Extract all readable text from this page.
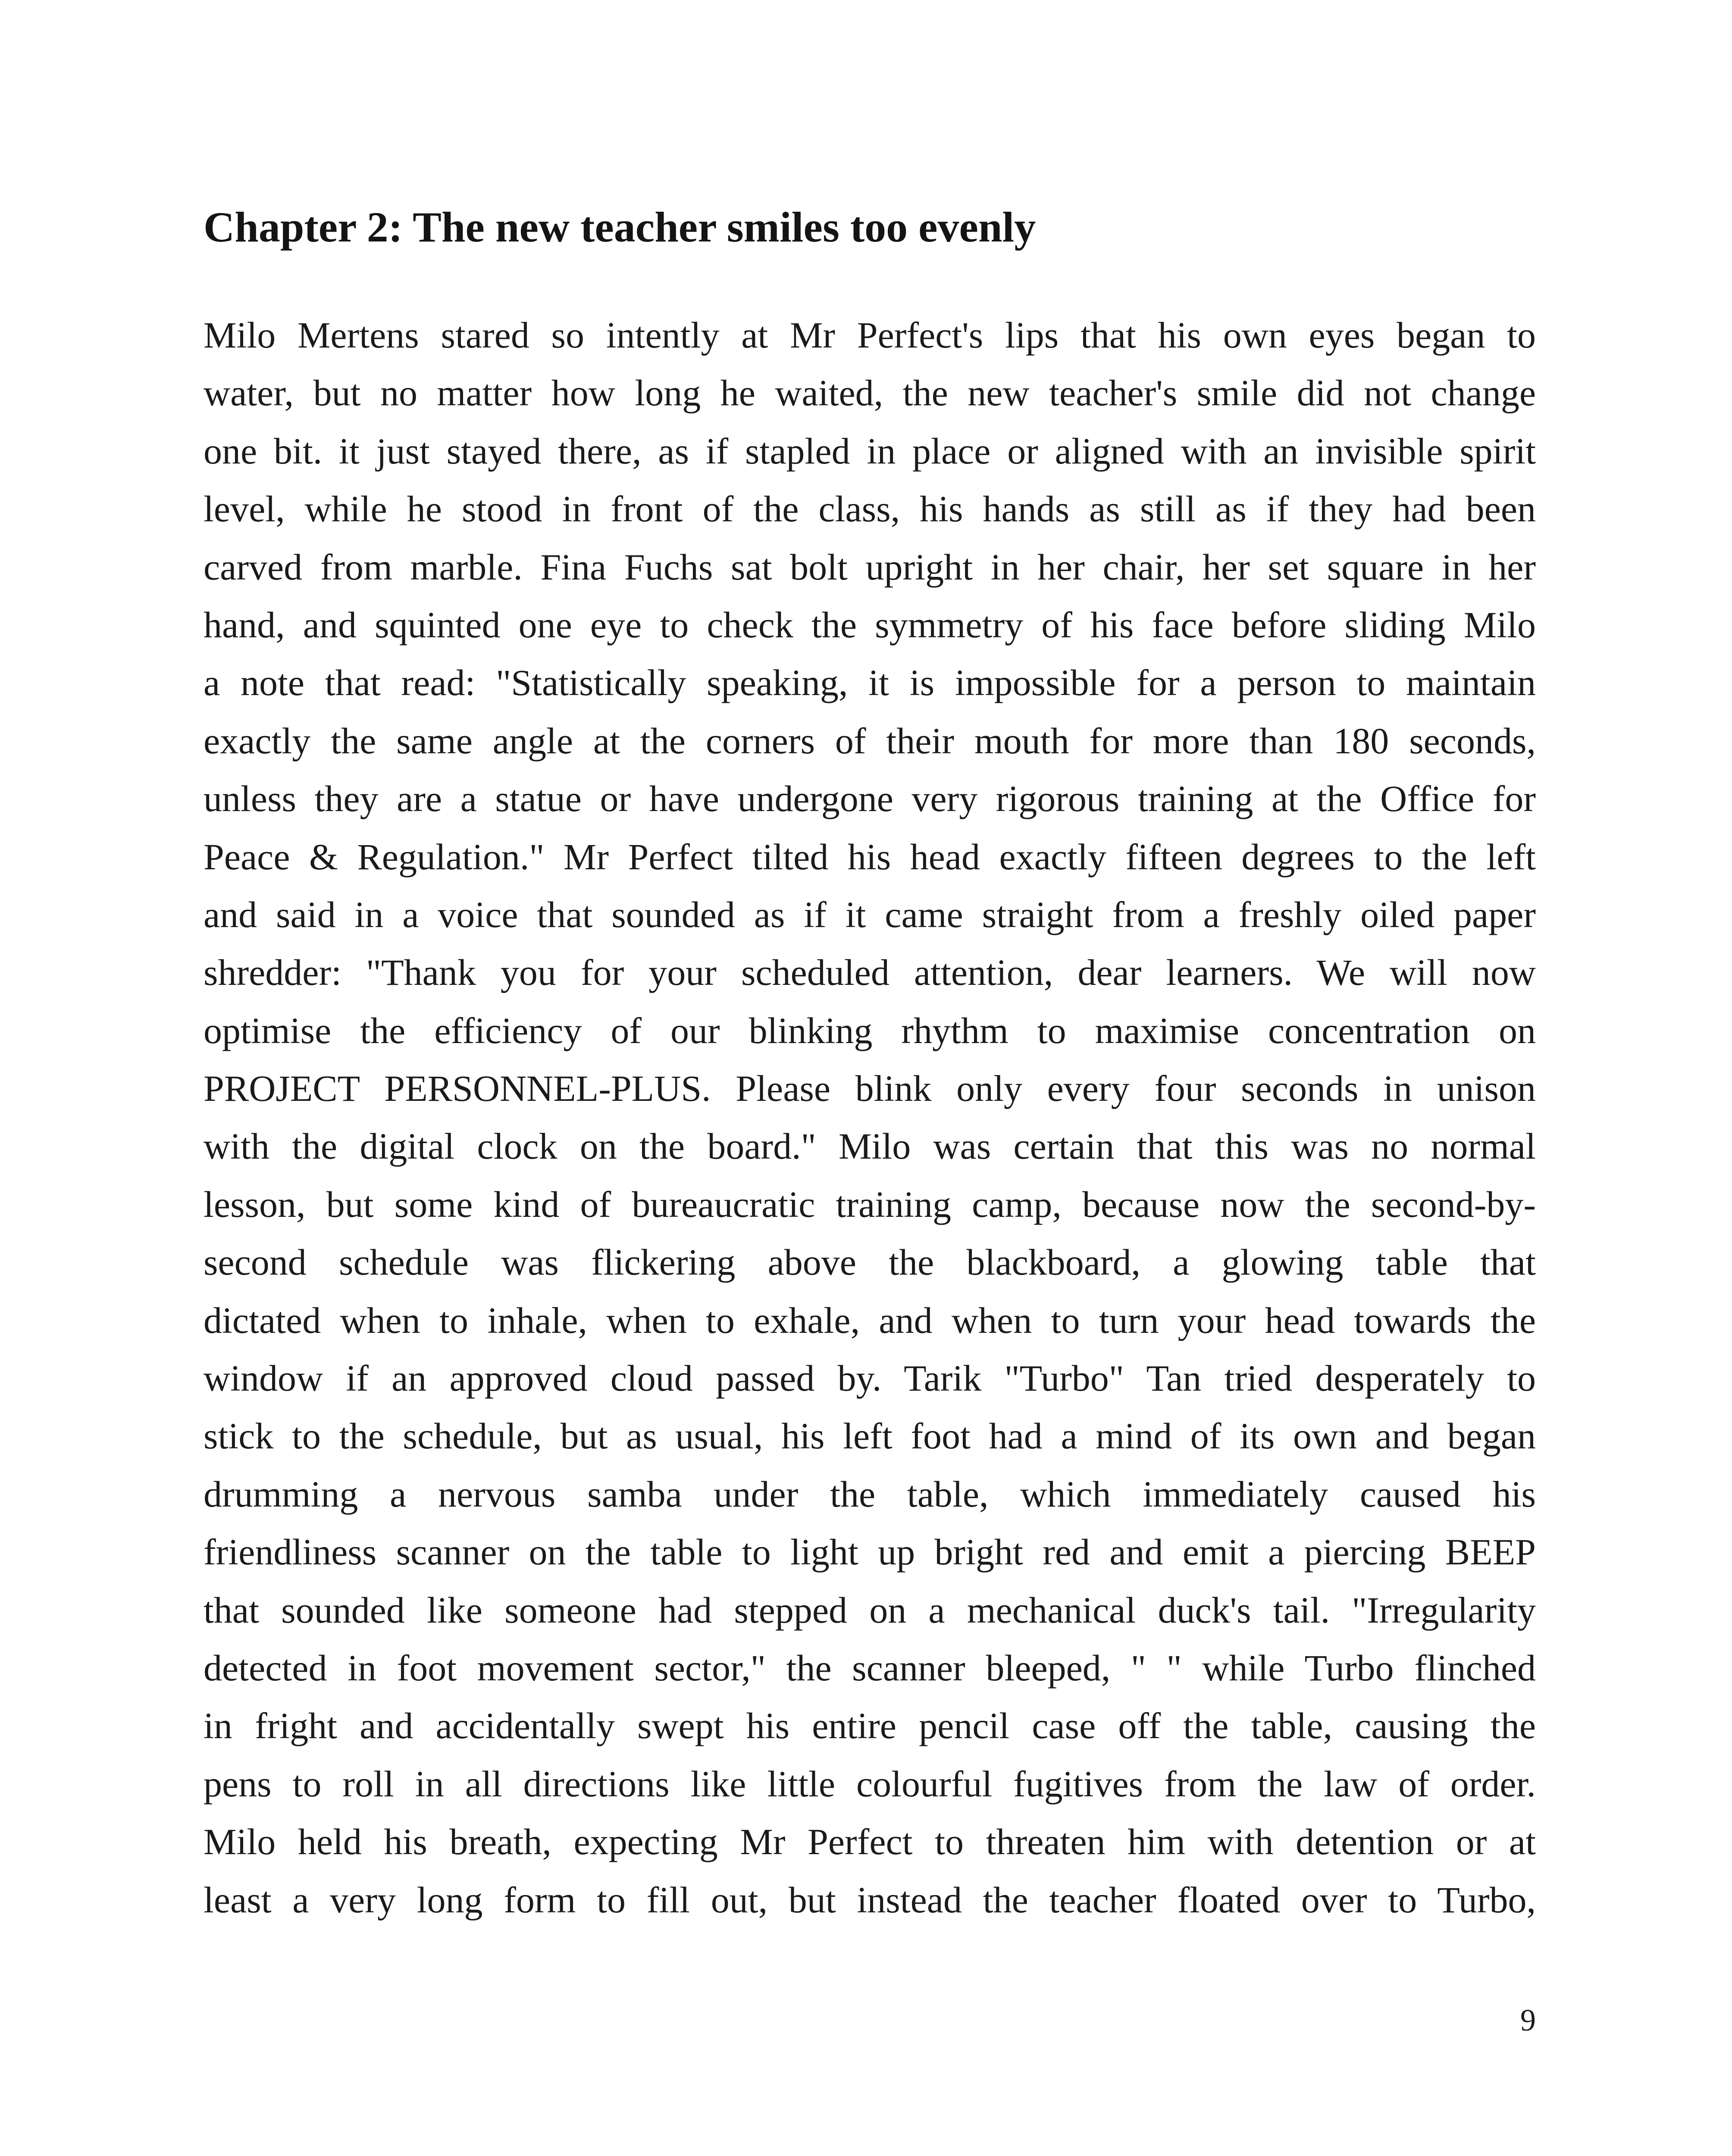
Chapter 2: The new teacher smiles too evenly
Milo Mertens stared so intently at Mr Perfect's lips that his own eyes began to
water, but no matter how long he waited, the new teacher's smile did not change
one bit. it just stayed there, as if stapled in place or aligned with an invisible spirit
level, while he stood in front of the class, his hands as still as if they had been
carved from marble. Fina Fuchs sat bolt upright in her chair, her set square in her
hand, and squinted one eye to check the symmetry of his face before sliding Milo
a note that read: "Statistically speaking, it is impossible for a person to maintain
exactly the same angle at the corners of their mouth for more than 180 seconds,
unless they are a statue or have undergone very rigorous training at the Office for
Peace & Regulation." Mr Perfect tilted his head exactly fifteen degrees to the left
and said in a voice that sounded as if it came straight from a freshly oiled paper
shredder: "Thank you for your scheduled attention, dear learners. We will now
optimise the efficiency of our blinking rhythm to maximise concentration on
PROJECT PERSONNEL-PLUS. Please blink only every four seconds in unison
with the digital clock on the board." Milo was certain that this was no normal
lesson, but some kind of bureaucratic training camp, because now the second-by-
second schedule was flickering above the blackboard, a glowing table that
dictated when to inhale, when to exhale, and when to turn your head towards the
window if an approved cloud passed by. Tarik "Turbo" Tan tried desperately to
stick to the schedule, but as usual, his left foot had a mind of its own and began
drumming a nervous samba under the table, which immediately caused his
friendliness scanner on the table to light up bright red and emit a piercing BEEP
that sounded like someone had stepped on a mechanical duck's tail. "Irregularity
detected in foot movement sector," the scanner bleeped, " " while Turbo flinched
in fright and accidentally swept his entire pencil case off the table, causing the
pens to roll in all directions like little colourful fugitives from the law of order.
Milo held his breath, expecting Mr Perfect to threaten him with detention or at
least a very long form to fill out, but instead the teacher floated over to Turbo,
9
